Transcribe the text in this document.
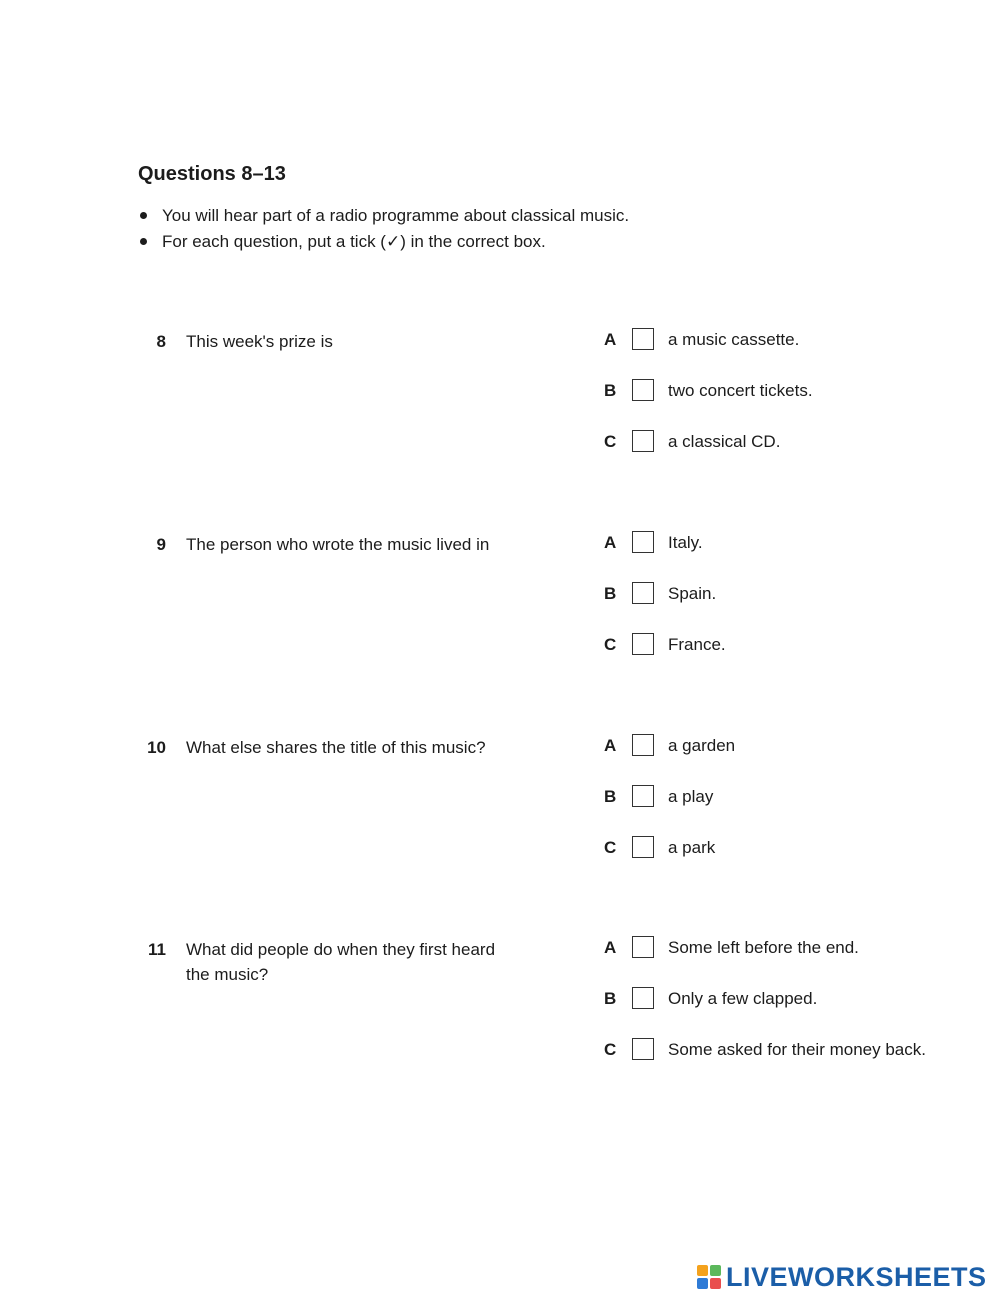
Questions 8–13
You will hear part of a radio programme about classical music.
For each question, put a tick (✓) in the correct box.
8 This week's prize is	A	a music cassette.
B	two concert tickets.
C	a classical CD.
9 The person who wrote the music lived in	A	Italy.
B	Spain.
C	France.
10 What else shares the title of this music?	A	a garden
B	a play
C	a park
11 What did people do when they first heard the music?
A	Some left before the end.
B	Only a few clapped.
C	Some asked for their money back.
LIVEWORKSHEETS
